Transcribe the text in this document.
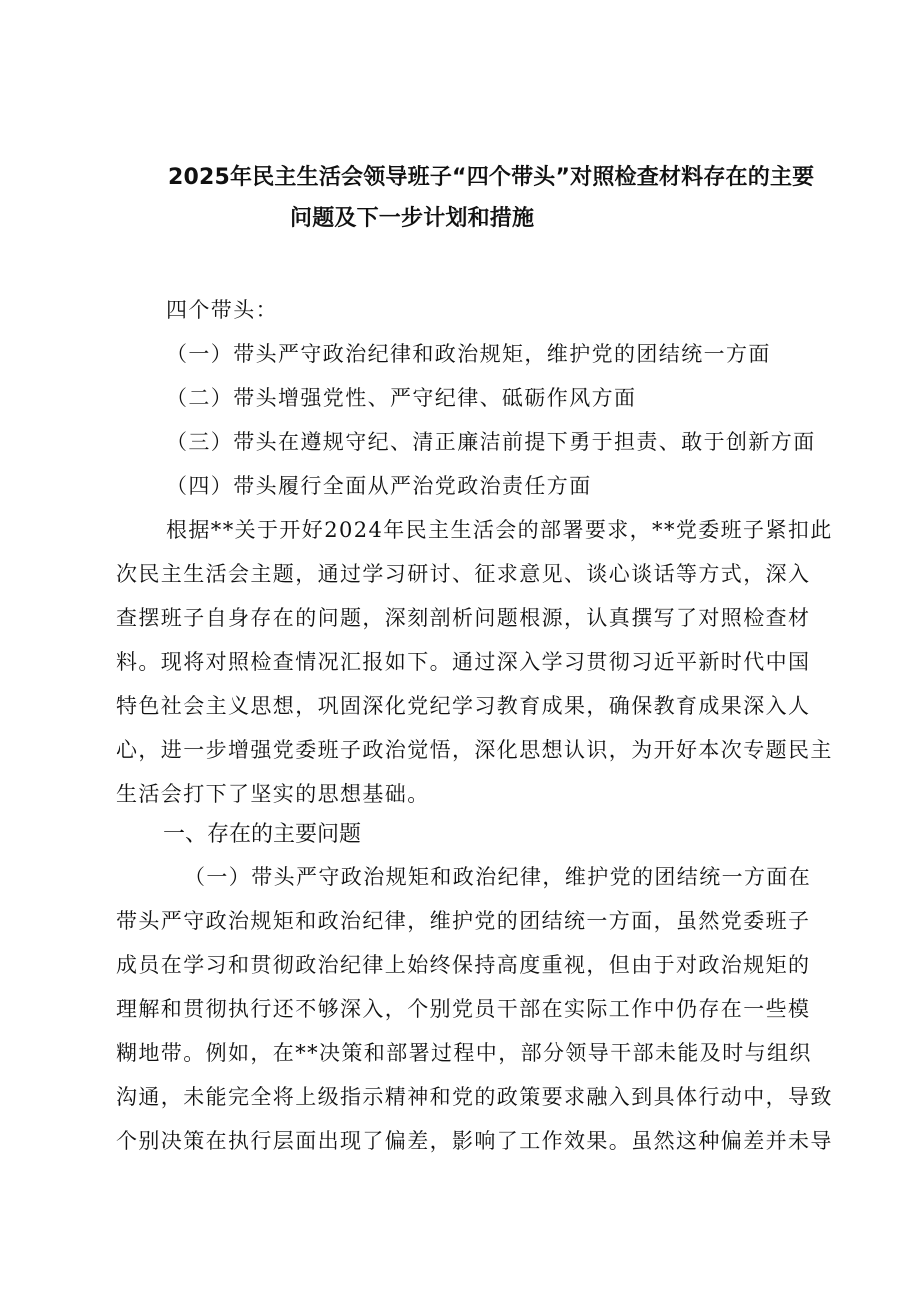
2025年民主生活会领导班子“四个带头”对照检查材料存在的主要
问题及下一步计划和措施
四个带头：
（一）带头严守政治纪律和政治规矩，维护党的团结统一方面
（二）带头增强党性、严守纪律、砥砺作风方面
（三）带头在遵规守纪、清正廉洁前提下勇于担责、敢于创新方面
（四）带头履行全面从严治党政治责任方面
根据**关于开好2024年民主生活会的部署要求，**党委班子紧扣此
次民主生活会主题，通过学习研讨、征求意见、谈心谈话等方式，深入
查摆班子自身存在的问题，深刻剖析问题根源，认真撰写了对照检查材
料。现将对照检查情况汇报如下。通过深入学习贯彻习近平新时代中国
特色社会主义思想，巩固深化党纪学习教育成果，确保教育成果深入人
心，进一步增强党委班子政治觉悟，深化思想认识，为开好本次专题民主
生活会打下了坚实的思想基础。
一、存在的主要问题
（一）带头严守政治规矩和政治纪律，维护党的团结统一方面在
带头严守政治规矩和政治纪律，维护党的团结统一方面，虽然党委班子
成员在学习和贯彻政治纪律上始终保持高度重视，但由于对政治规矩的
理解和贯彻执行还不够深入，个别党员干部在实际工作中仍存在一些模
糊地带。例如，在**决策和部署过程中，部分领导干部未能及时与组织
沟通，未能完全将上级指示精神和党的政策要求融入到具体行动中，导致
个别决策在执行层面出现了偏差，影响了工作效果。虽然这种偏差并未导
